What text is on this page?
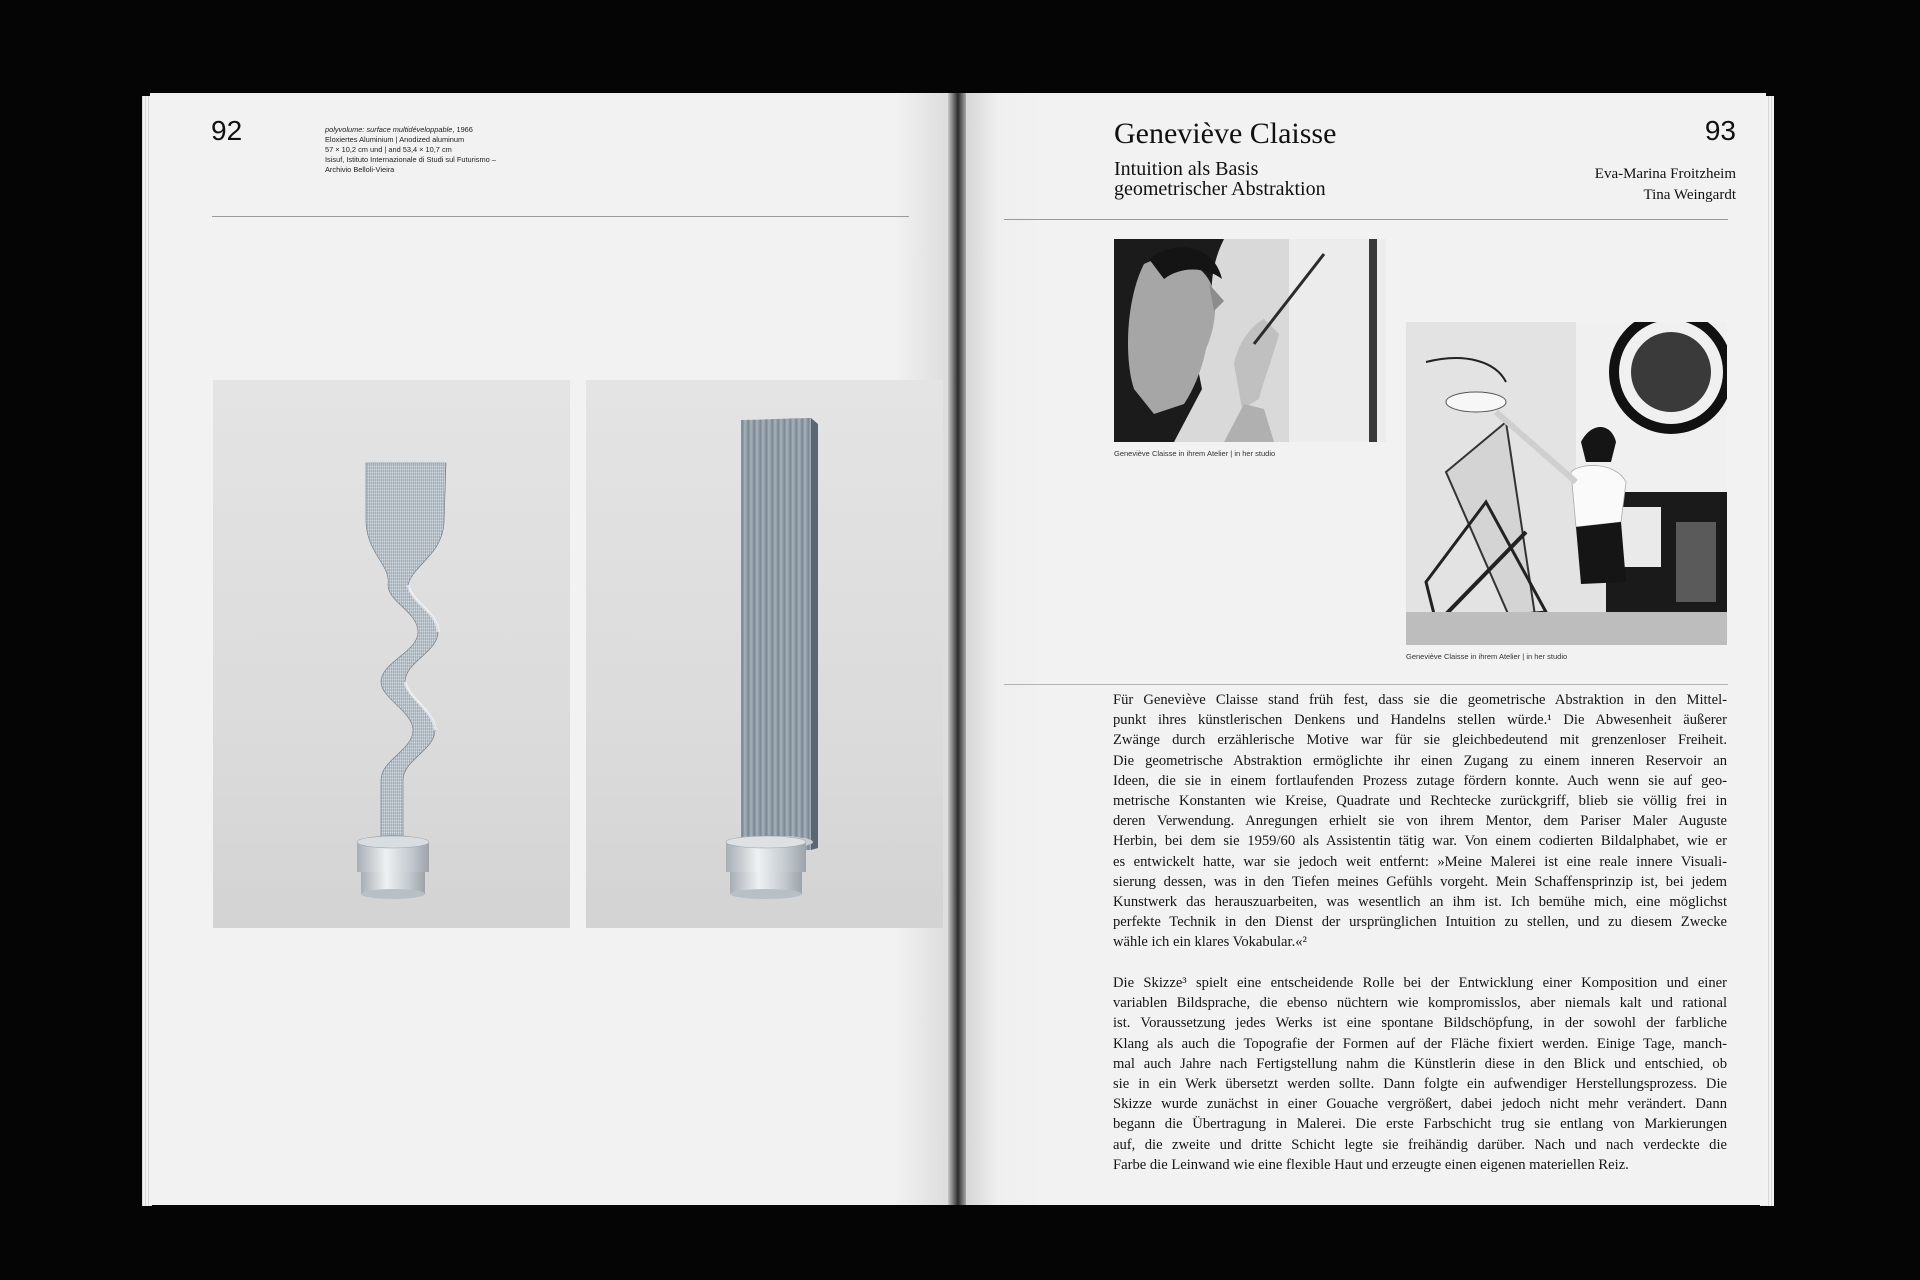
92	polyvolume: surface multidéveloppable, 1966
Eloxiertes Aluminium | Anodized aluminum
57 × 10,2 cm und | and 53,4 × 10,7 cm
Isisuf, Istituto Internazionale di Studi sul Futurismo –
Archivio Belloli-Vieira
Geneviève Claisse
Intuition als Basis
geometrischer Abstraktion
93
Eva-Marina Froitzheim
Tina Weingardt
Geneviève Claisse in ihrem Atelier | in her studio
Geneviève Claisse in ihrem Atelier | in her studio
Für Geneviève Claisse stand früh fest, dass sie die geometrische Abstraktion in den Mittel-
punkt ihres künstlerischen Denkens und Handelns stellen würde.¹ Die Abwesenheit äußerer
Zwänge durch erzählerische Motive war für sie gleichbedeutend mit grenzenloser Freiheit.
Die geometrische Abstraktion ermöglichte ihr einen Zugang zu einem inneren Reservoir an
Ideen, die sie in einem fortlaufenden Prozess zutage fördern konnte. Auch wenn sie auf geo-
metrische Konstanten wie Kreise, Quadrate und Rechtecke zurückgriff, blieb sie völlig frei in
deren Verwendung. Anregungen erhielt sie von ihrem Mentor, dem Pariser Maler Auguste
Herbin, bei dem sie 1959/60 als Assistentin tätig war. Von einem codierten Bildalphabet, wie er
es entwickelt hatte, war sie jedoch weit entfernt: »Meine Malerei ist eine reale innere Visuali-
sierung dessen, was in den Tiefen meines Gefühls vorgeht. Mein Schaffensprinzip ist, bei jedem
Kunstwerk das herauszuarbeiten, was wesentlich an ihm ist. Ich bemühe mich, eine möglichst
perfekte Technik in den Dienst der ursprünglichen Intuition zu stellen, und zu diesem Zwecke
wähle ich ein klares Vokabular.«²
Die Skizze³ spielt eine entscheidende Rolle bei der Entwicklung einer Komposition und einer
variablen Bildsprache, die ebenso nüchtern wie kompromisslos, aber niemals kalt und rational
ist. Voraussetzung jedes Werks ist eine spontane Bildschöpfung, in der sowohl der farbliche
Klang als auch die Topografie der Formen auf der Fläche fixiert werden. Einige Tage, manch-
mal auch Jahre nach Fertigstellung nahm die Künstlerin diese in den Blick und entschied, ob
sie in ein Werk übersetzt werden sollte. Dann folgte ein aufwendiger Herstellungsprozess. Die
Skizze wurde zunächst in einer Gouache vergrößert, dabei jedoch nicht mehr verändert. Dann
begann die Übertragung in Malerei. Die erste Farbschicht trug sie entlang von Markierungen
auf, die zweite und dritte Schicht legte sie freihändig darüber. Nach und nach verdeckte die
Farbe die Leinwand wie eine flexible Haut und erzeugte einen eigenen materiellen Reiz.
